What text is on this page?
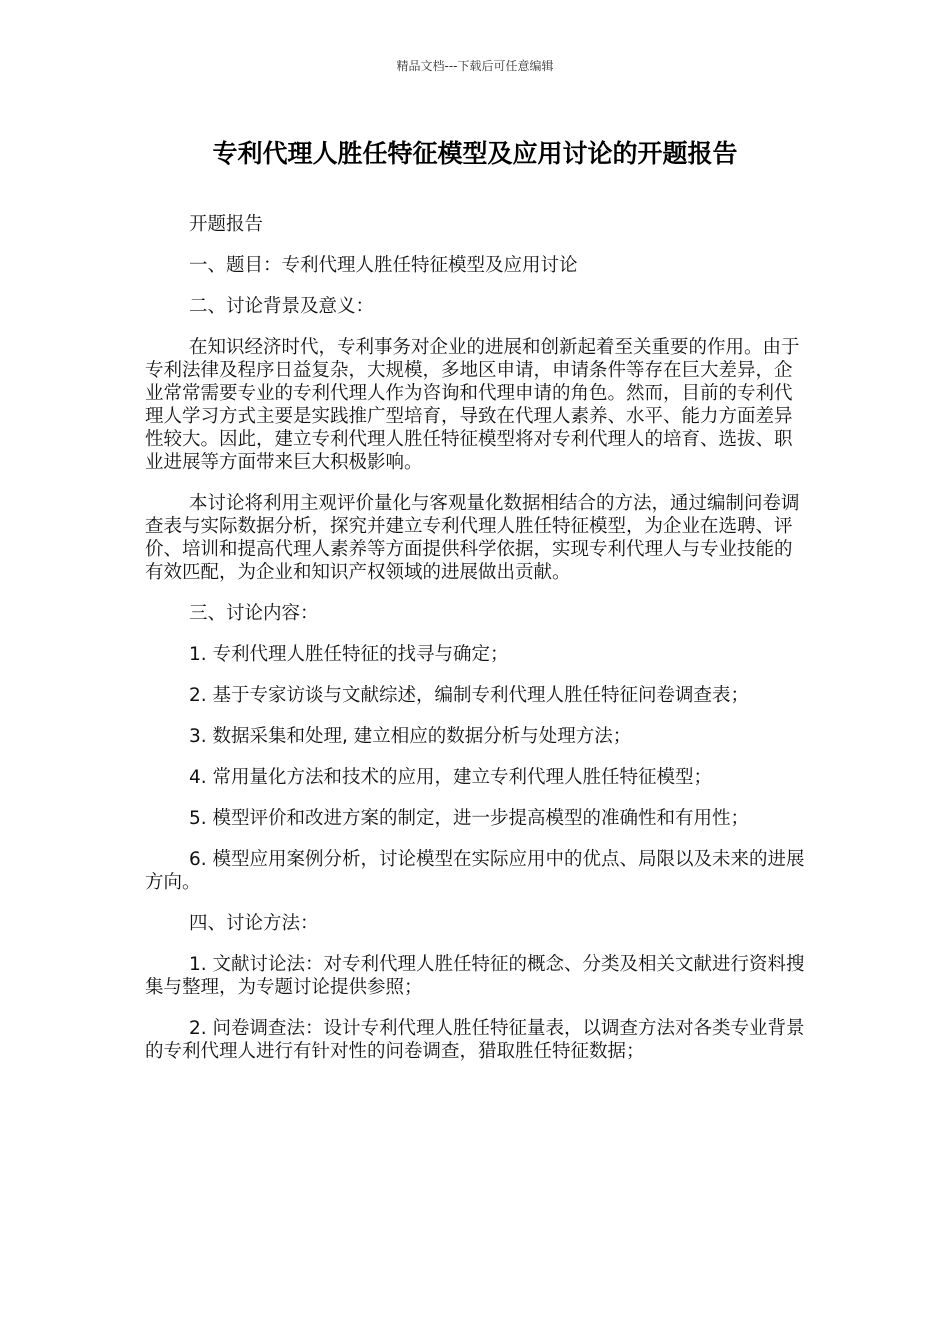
精品文档---下载后可任意编辑
专利代理人胜任特征模型及应用讨论的开题报告

开题报告

一、题目：专利代理人胜任特征模型及应用讨论

二、讨论背景及意义：

在知识经济时代，专利事务对企业的进展和创新起着至关重要的作用。由于专利法律及程序日益复杂，大规模，多地区申请，申请条件等存在巨大差异，企业常常需要专业的专利代理人作为咨询和代理申请的角色。然而，目前的专利代理人学习方式主要是实践推广型培育，导致在代理人素养、水平、能力方面差异性较大。因此，建立专利代理人胜任特征模型将对专利代理人的培育、选拔、职业进展等方面带来巨大积极影响。

本讨论将利用主观评价量化与客观量化数据相结合的方法，通过编制问卷调查表与实际数据分析，探究并建立专利代理人胜任特征模型，为企业在选聘、评价、培训和提高代理人素养等方面提供科学依据，实现专利代理人与专业技能的有效匹配，为企业和知识产权领域的进展做出贡献。

三、讨论内容：

1. 专利代理人胜任特征的找寻与确定；

2. 基于专家访谈与文献综述，编制专利代理人胜任特征问卷调查表；

3. 数据采集和处理, 建立相应的数据分析与处理方法；

4. 常用量化方法和技术的应用，建立专利代理人胜任特征模型；

5. 模型评价和改进方案的制定，进一步提高模型的准确性和有用性；

6. 模型应用案例分析，讨论模型在实际应用中的优点、局限以及未来的进展方向。

四、讨论方法：

1. 文献讨论法：对专利代理人胜任特征的概念、分类及相关文献进行资料搜集与整理，为专题讨论提供参照；

2. 问卷调查法：设计专利代理人胜任特征量表，以调查方法对各类专业背景的专利代理人进行有针对性的问卷调查，猎取胜任特征数据；
